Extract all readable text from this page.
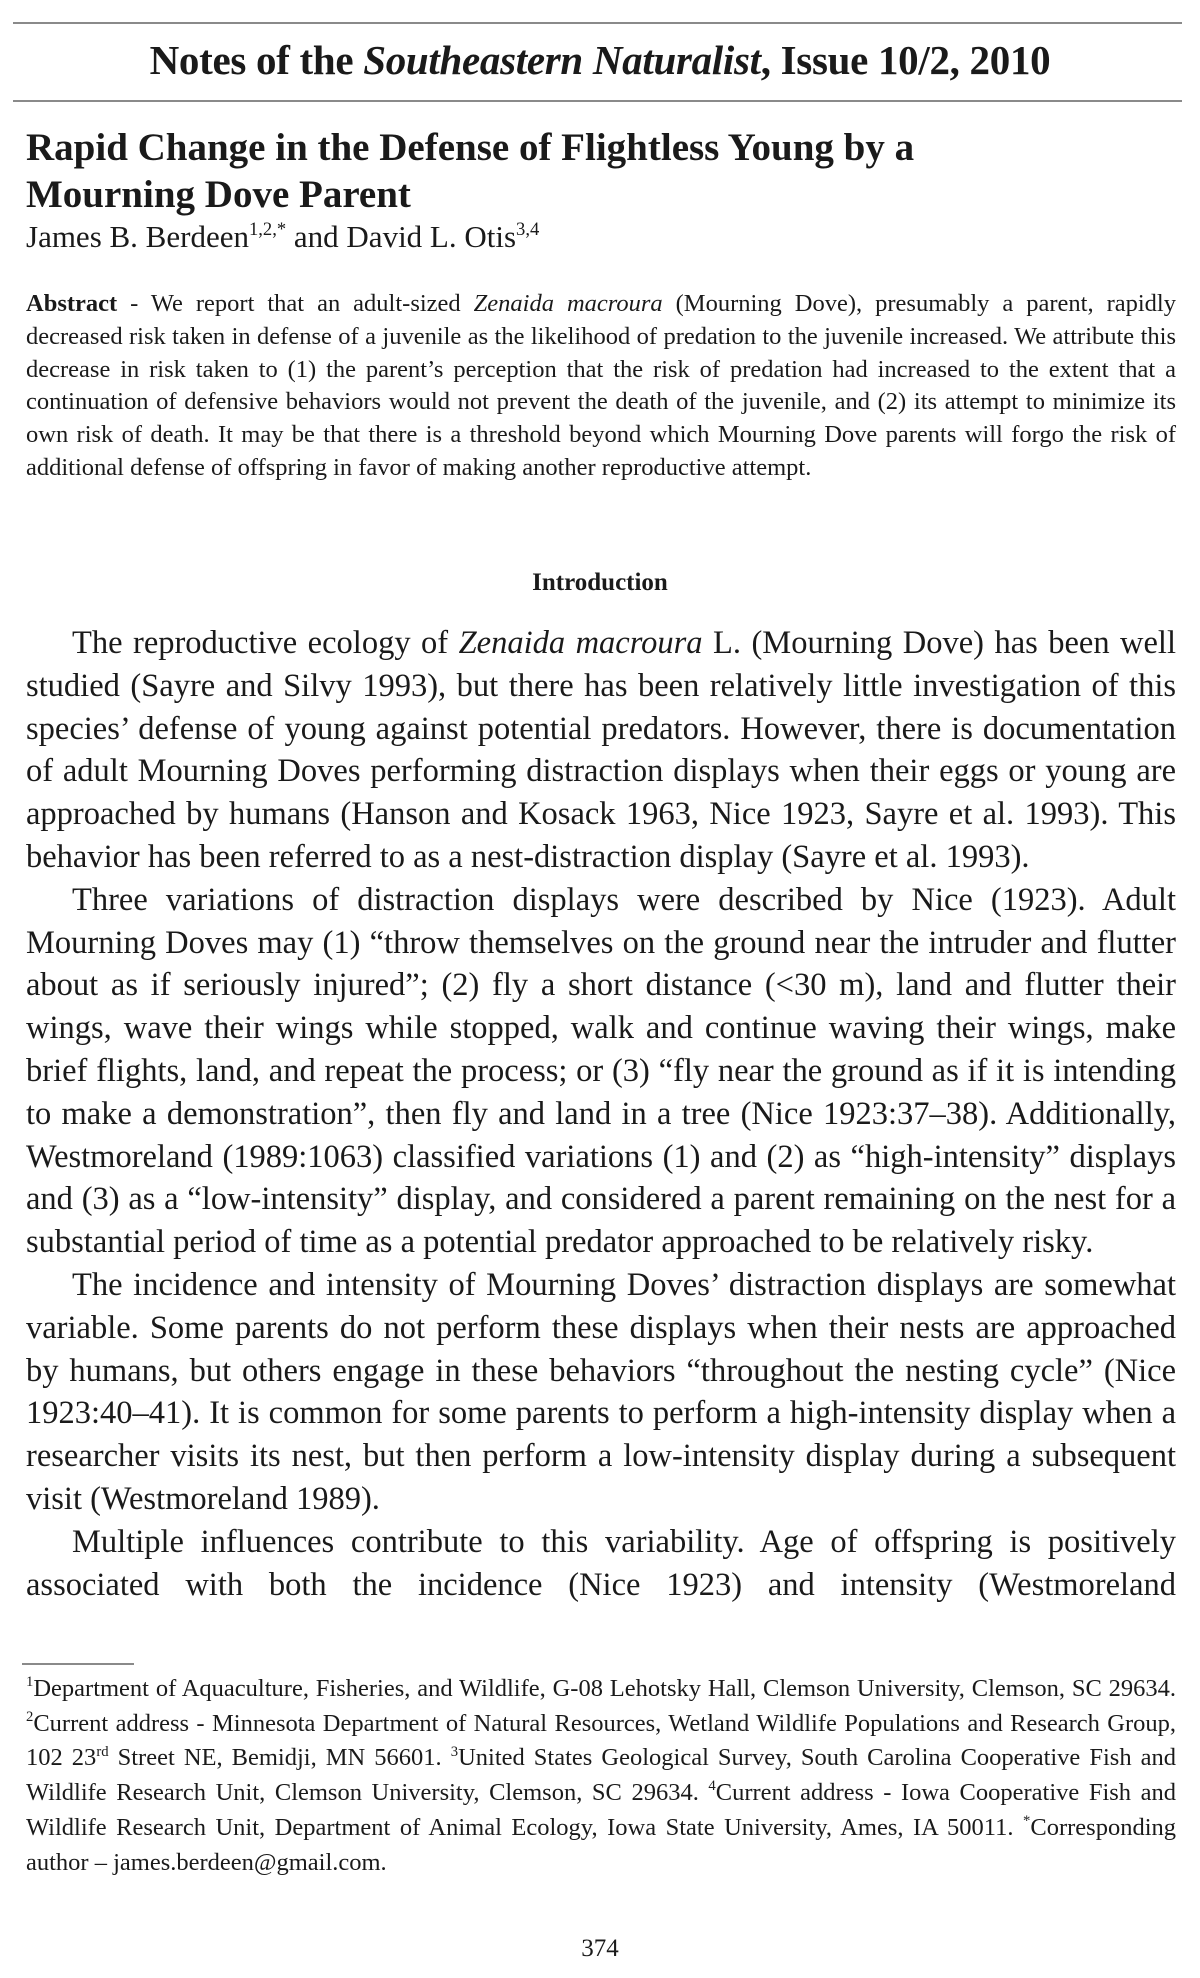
Notes of the Southeastern Naturalist, Issue 10/2, 2010
Rapid Change in the Defense of Flightless Young by a
Mourning Dove Parent
James B. Berdeen$^{1,2,*}$ and David L. Otis$^{3,4}$
Abstract - We report that an adult-sized Zenaida macroura (Mourning Dove), presumably a parent, rapidly decreased risk taken in defense of a juvenile as the likelihood of predation to the juvenile increased. We attribute this decrease in risk taken to (1) the parent’s perception that the risk of predation had increased to the extent that a continuation of defensive behaviors would not prevent the death of the juvenile, and (2) its attempt to minimize its own risk of death. It may be that there is a threshold beyond which Mourning Dove parents will forgo the risk of additional defense of offspring in favor of making another reproductive attempt.
Introduction

The reproductive ecology of Zenaida macroura L. (Mourning Dove) has been well studied (Sayre and Silvy 1993), but there has been relatively little investigation of this species’ defense of young against potential predators. However, there is documentation of adult Mourning Doves performing distraction displays when their eggs or young are approached by humans (Hanson and Kosack 1963, Nice 1923, Sayre et al. 1993). This behavior has been referred to as a nest-distraction display (Sayre et al. 1993).

Three variations of distraction displays were described by Nice (1923). Adult Mourning Doves may (1) “throw themselves on the ground near the intruder and flutter about as if seriously injured”; (2) fly a short distance (<30 m), land and flutter their wings, wave their wings while stopped, walk and continue waving their wings, make brief flights, land, and repeat the process; or (3) “fly near the ground as if it is intending to make a demonstration”, then fly and land in a tree (Nice 1923:37–38). Additionally, Westmoreland (1989:1063) classified variations (1) and (2) as “high-intensity” displays and (3) as a “low-intensity” display, and considered a parent remaining on the nest for a substantial period of time as a potential predator approached to be relatively risky.

The incidence and intensity of Mourning Doves’ distraction displays are somewhat variable. Some parents do not perform these displays when their nests are approached by humans, but others engage in these behaviors “throughout the nesting cycle” (Nice 1923:40–41). It is common for some parents to perform a high-intensity display when a researcher visits its nest, but then perform a low-intensity display during a subsequent visit (Westmoreland 1989).

Multiple influences contribute to this variability. Age of offspring is positively associated with both the incidence (Nice 1923) and intensity (Westmoreland

$^1$Department of Aquaculture, Fisheries, and Wildlife, G-08 Lehotsky Hall, Clemson University, Clemson, SC 29634. $^2$Current address - Minnesota Department of Natural Resources, Wetland Wildlife Populations and Research Group, 102 23rd Street NE, Bemidji, MN 56601. $^3$United States Geological Survey, South Carolina Cooperative Fish and Wildlife Research Unit, Clemson University, Clemson, SC 29634. $^4$Current address - Iowa Cooperative Fish and Wildlife Research Unit, Department of Animal Ecology, Iowa State University, Ames, IA 50011. *Corresponding author – james.berdeen@gmail.com.
374
